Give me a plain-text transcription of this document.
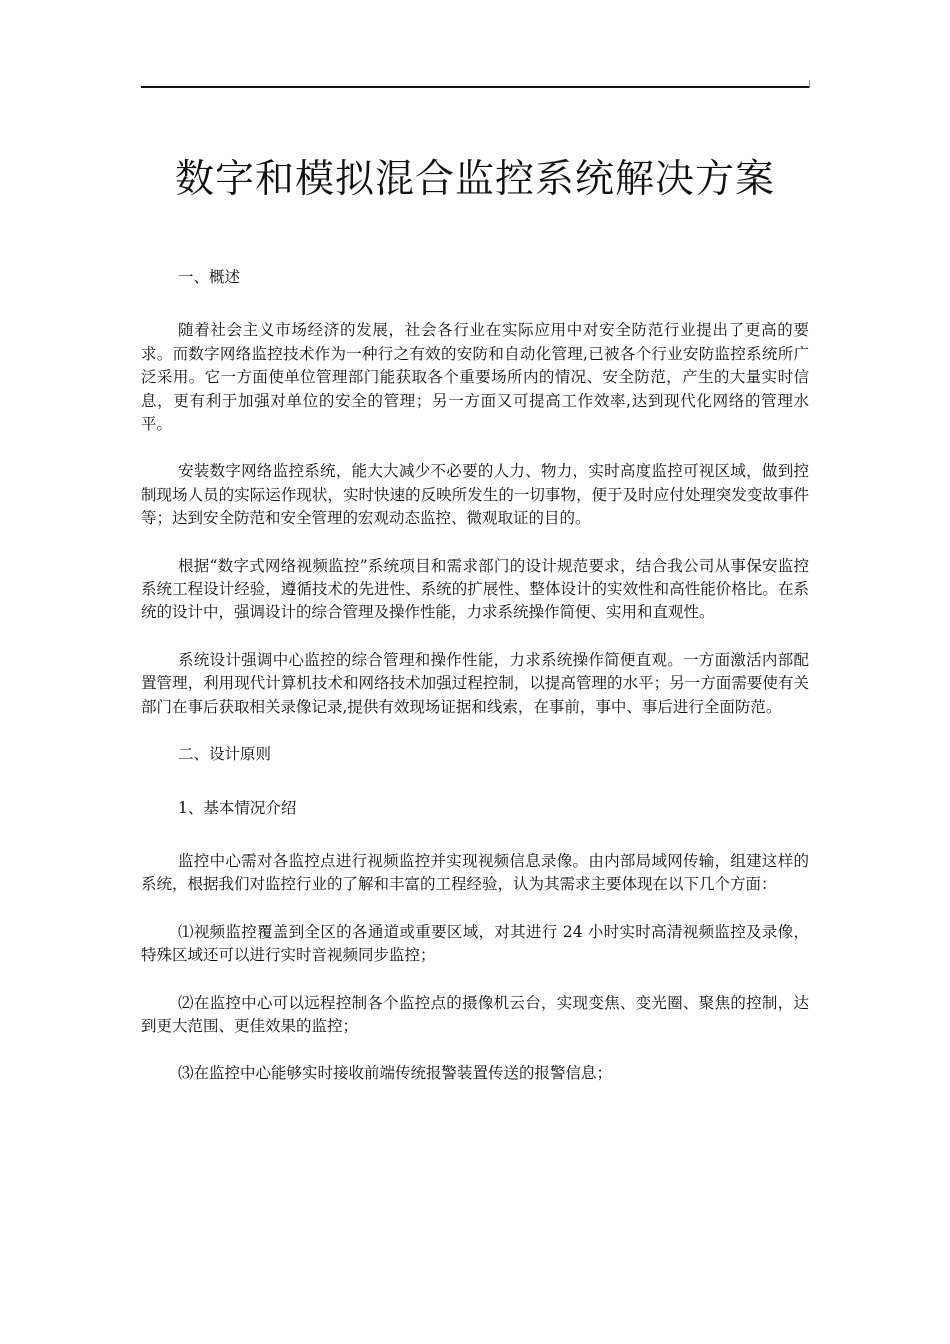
数字和模拟混合监控系统解决方案

一、概述

随着社会主义市场经济的发展，社会各行业在实际应用中对安全防范行业提出了更高的要求。而数字网络监控技术作为一种行之有效的安防和自动化管理,已被各个行业安防监控系统所广泛采用。它一方面使单位管理部门能获取各个重要场所内的情况、安全防范，产生的大量实时信息，更有利于加强对单位的安全的管理；另一方面又可提高工作效率,达到现代化网络的管理水平。

安装数字网络监控系统，能大大减少不必要的人力、物力，实时高度监控可视区域，做到控制现场人员的实际运作现状，实时快速的反映所发生的一切事物，便于及时应付处理突发变故事件等；达到安全防范和安全管理的宏观动态监控、微观取证的目的。

根据“数字式网络视频监控”系统项目和需求部门的设计规范要求，结合我公司从事保安监控系统工程设计经验，遵循技术的先进性、系统的扩展性、整体设计的实效性和高性能价格比。在系统的设计中，强调设计的综合管理及操作性能，力求系统操作简便、实用和直观性。

系统设计强调中心监控的综合管理和操作性能，力求系统操作简便直观。一方面激活内部配置管理，利用现代计算机技术和网络技术加强过程控制，以提高管理的水平；另一方面需要使有关部门在事后获取相关录像记录,提供有效现场证据和线索，在事前，事中、事后进行全面防范。

二、设计原则

1、基本情况介绍

监控中心需对各监控点进行视频监控并实现视频信息录像。由内部局域网传输，组建这样的系统，根据我们对监控行业的了解和丰富的工程经验，认为其需求主要体现在以下几个方面：

⑴视频监控覆盖到全区的各通道或重要区域，对其进行 24 小时实时高清视频监控及录像，特殊区域还可以进行实时音视频同步监控；

⑵在监控中心可以远程控制各个监控点的摄像机云台，实现变焦、变光圈、聚焦的控制，达到更大范围、更佳效果的监控；

⑶在监控中心能够实时接收前端传统报警装置传送的报警信息；
